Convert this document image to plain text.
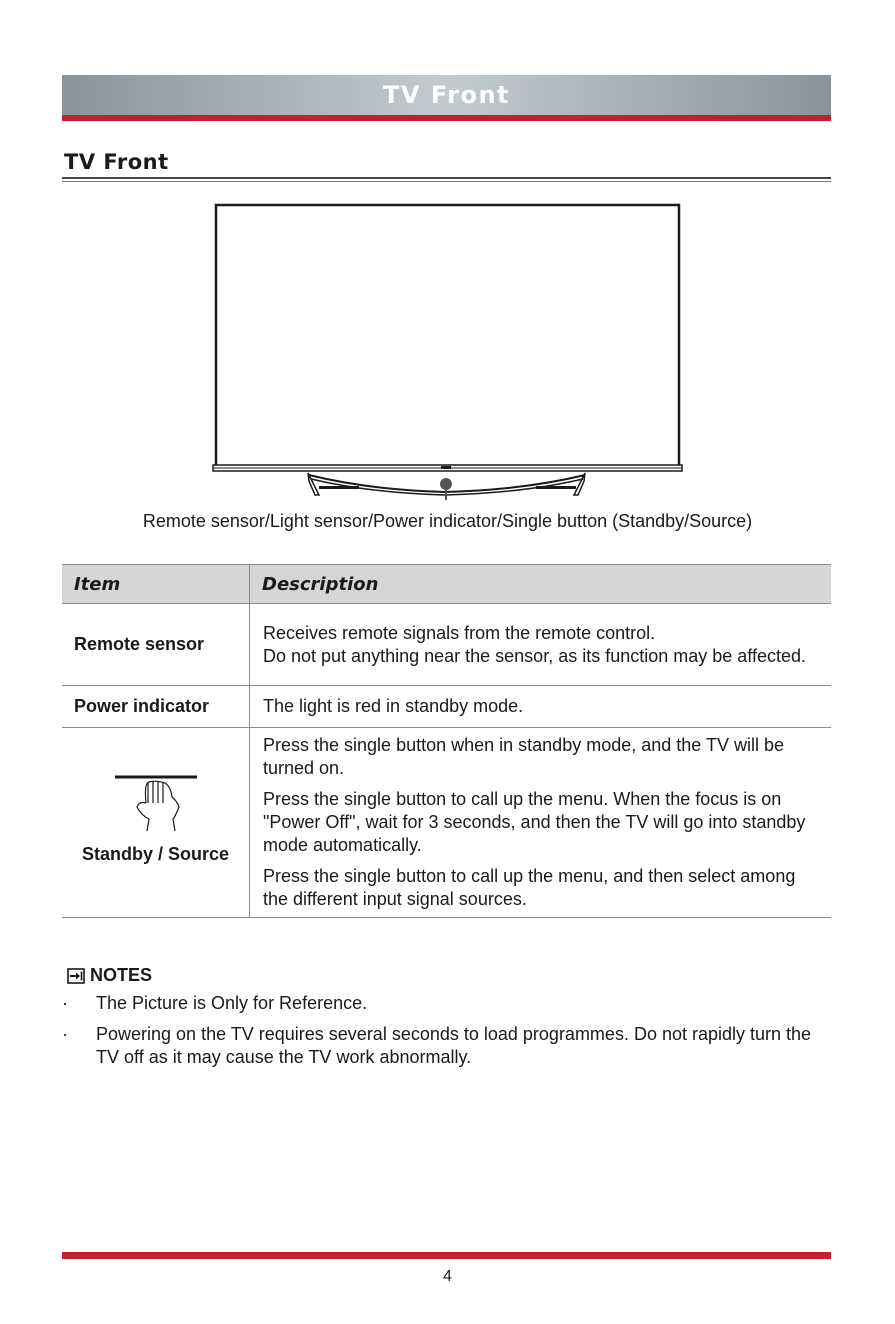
TV Front
TV Front
Remote sensor/Light sensor/Power indicator/Single button (Standby/Source)
Item	Description
Remote sensor	Receives remote signals from the remote control.
Do not put anything near the sensor, as its function may be affected.
Power indicator	The light is red in standby mode.

Standby / Source	Press the single button when in standby mode, and the TV will be turned on.

Press the single button to call up the menu. When the focus is on "Power Off", wait for 3 seconds, and then the TV will go into standby mode automatically.

Press the single button to call up the menu, and then select among the different input signal sources.

NOTES
· The Picture is Only for Reference.
· Powering on the TV requires several seconds to load programmes. Do not rapidly turn the TV off as it may cause the TV work abnormally.
4
